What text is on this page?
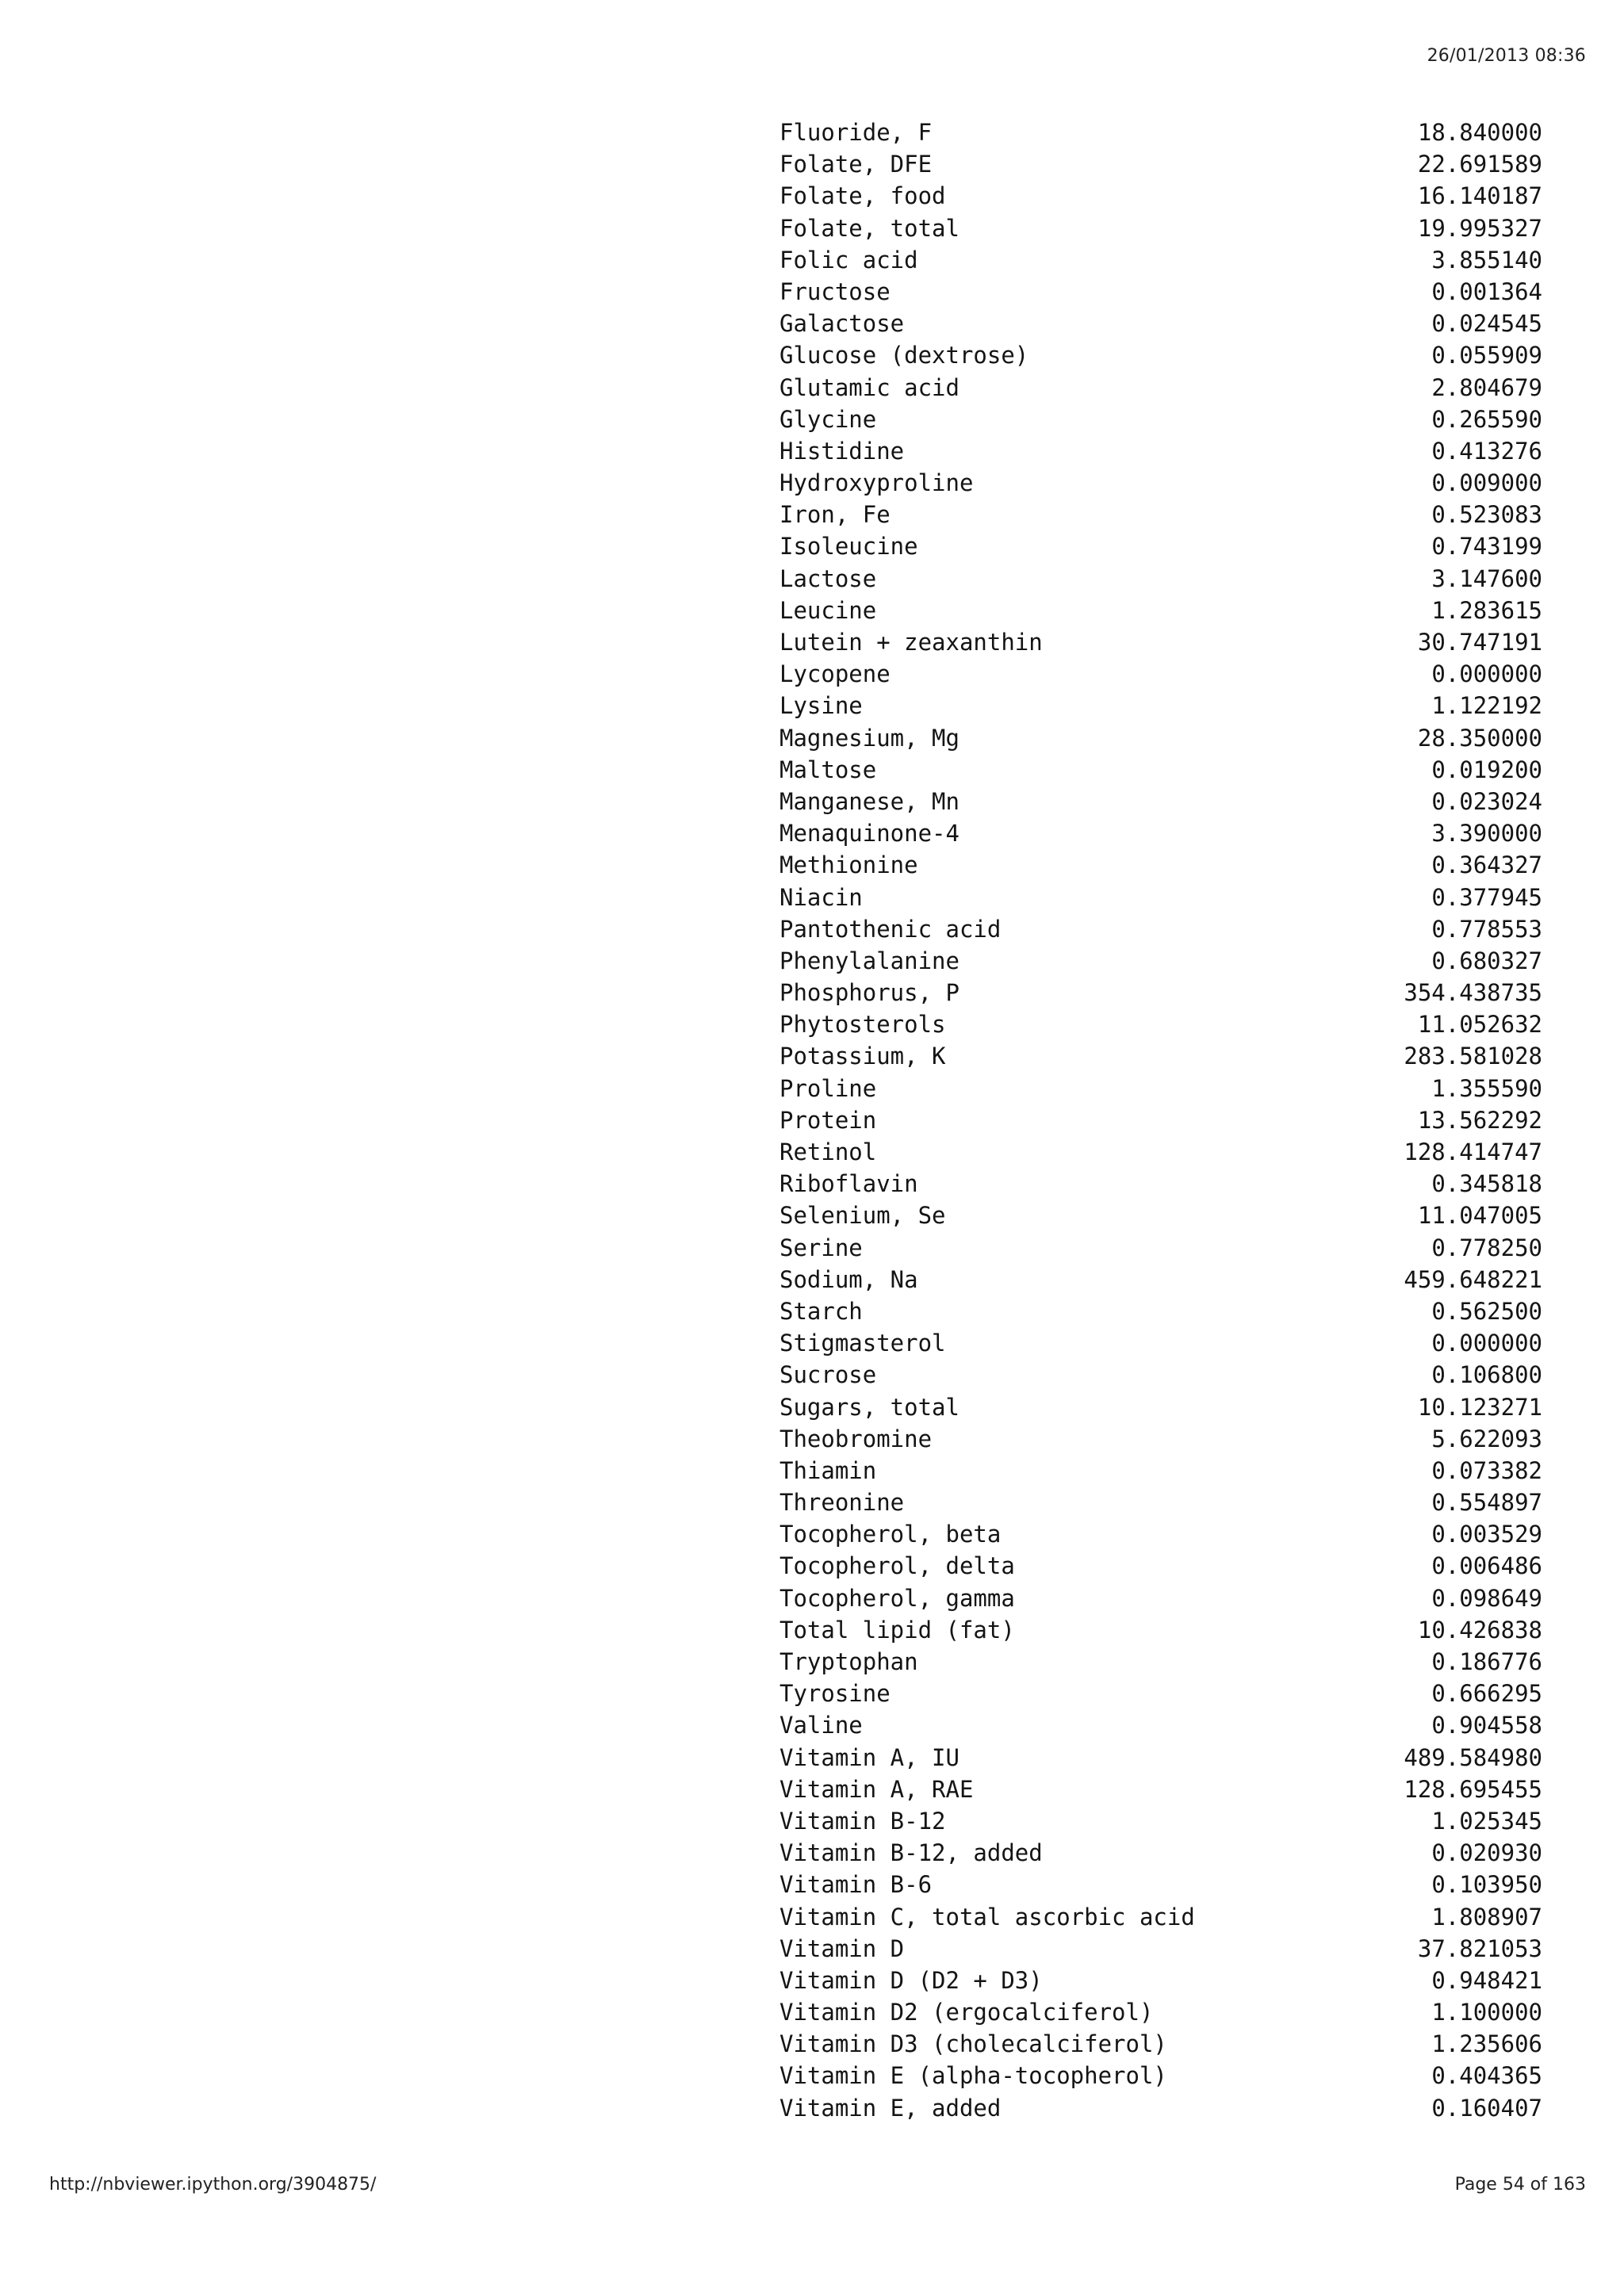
26/01/2013 08:36
Fluoride, F	18.840000
Folate, DFE	22.691589
Folate, food	16.140187
Folate, total	19.995327
Folic acid	3.855140
Fructose	0.001364
Galactose	0.024545
Glucose (dextrose)	0.055909
Glutamic acid	2.804679
Glycine	0.265590
Histidine	0.413276
Hydroxyproline	0.009000
Iron, Fe	0.523083
Isoleucine	0.743199
Lactose	3.147600
Leucine	1.283615
Lutein + zeaxanthin	30.747191
Lycopene	0.000000
Lysine	1.122192
Magnesium, Mg	28.350000
Maltose	0.019200
Manganese, Mn	0.023024
Menaquinone-4	3.390000
Methionine	0.364327
Niacin	0.377945
Pantothenic acid	0.778553
Phenylalanine	0.680327
Phosphorus, P	354.438735
Phytosterols	11.052632
Potassium, K	283.581028
Proline	1.355590
Protein	13.562292
Retinol	128.414747
Riboflavin	0.345818
Selenium, Se	11.047005
Serine	0.778250
Sodium, Na	459.648221
Starch	0.562500
Stigmasterol	0.000000
Sucrose	0.106800
Sugars, total	10.123271
Theobromine	5.622093
Thiamin	0.073382
Threonine	0.554897
Tocopherol, beta	0.003529
Tocopherol, delta	0.006486
Tocopherol, gamma	0.098649
Total lipid (fat)	10.426838
Tryptophan	0.186776
Tyrosine	0.666295
Valine	0.904558
Vitamin A, IU	489.584980
Vitamin A, RAE	128.695455
Vitamin B-12	1.025345
Vitamin B-12, added	0.020930
Vitamin B-6	0.103950
Vitamin C, total ascorbic acid	1.808907
Vitamin D	37.821053
Vitamin D (D2 + D3)	0.948421
Vitamin D2 (ergocalciferol)	1.100000
Vitamin D3 (cholecalciferol)	1.235606
Vitamin E (alpha-tocopherol)	0.404365
Vitamin E, added	0.160407
http://nbviewer.ipython.org/3904875/	Page 54 of 163
